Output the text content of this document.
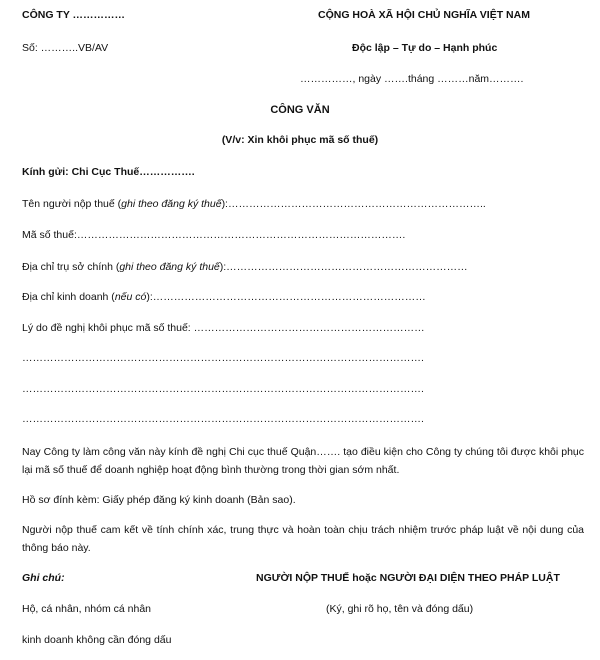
CÔNG TY ……………
Số: ………..VB/AV
CỘNG HOÀ XÃ HỘI CHỦ NGHĨA VIỆT NAM
Độc lập – Tự do – Hạnh phúc
……………, ngày …….tháng ………năm……….
CÔNG VĂN
(V/v: Xin khôi phục mã số thuế)
Kính gửi: Chi Cục Thuế…………….
Tên người nộp thuế (ghi theo đăng ký thuế):………………………………………………………………..
Mã số thuế:………………………………………………………………………………….
Địa chỉ trụ sở chính (ghi theo đăng ký thuế):……………………………………………………………
Địa chỉ kinh doanh (nếu có):……………………………………………………………………
Lý do đề nghị khôi phục mã số thuế: …………………………………………………………
…………………………………………………………………………………………………….
…………………………………………………………………………………………………….
…………………………………………………………………………………………………….
Nay Công ty làm công văn này kính đề nghị Chi cục thuế Quận……. tạo điều kiện cho Công ty chúng tôi được khôi phục lại mã số thuế để doanh nghiệp hoạt động bình thường trong thời gian sớm nhất.
Hồ sơ đính kèm: Giấy phép đăng ký kinh doanh (Bản sao).
Người nộp thuế cam kết về tính chính xác, trung thực và hoàn toàn chịu trách nhiệm trước pháp luật về nội dung của thông báo này.
Ghi chú:	NGƯỜI NỘP THUẾ hoặc NGƯỜI ĐẠI DIỆN THEO PHÁP LUẬT
Hộ, cá nhân, nhóm cá nhân	(Ký, ghi rõ họ, tên và đóng dấu)
kinh doanh không cần đóng dấu
